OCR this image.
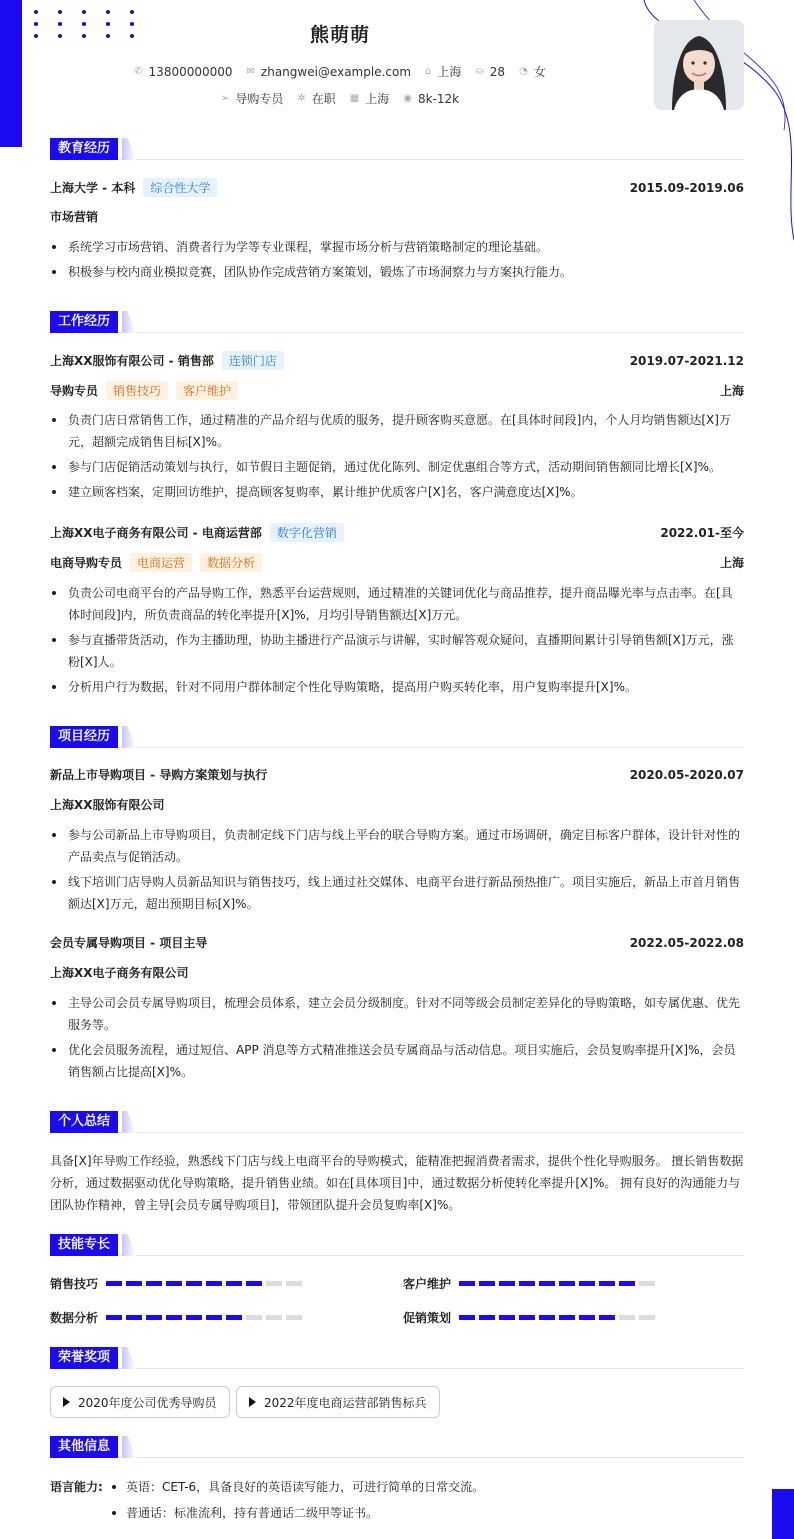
熊萌萌
✆ 13800000000 ✉ zhangwei@example.com ⌂ 上海 ⛀ 28 ◔ 女
➢ 导购专员 ✲ 在职 ▦ 上海 ◉ 8k-12k
教育经历
上海大学 - 本科	综合性大学	2015.09-2019.06
市场营销
系统学习市场营销、消费者行为学等专业课程，掌握市场分析与营销策略制定的理论基础。
积极参与校内商业模拟竞赛，团队协作完成营销方案策划，锻炼了市场洞察力与方案执行能力。
工作经历
上海XX服饰有限公司 - 销售部	连锁门店	2019.07-2021.12
导购专员	销售技巧	客户维护	上海
负责门店日常销售工作，通过精准的产品介绍与优质的服务，提升顾客购买意愿。在[具体时间段]内，个人月均销售额达[X]万元，超额完成销售目标[X]%。
参与门店促销活动策划与执行，如节假日主题促销，通过优化陈列、制定优惠组合等方式，活动期间销售额同比增长[X]%。
建立顾客档案，定期回访维护，提高顾客复购率，累计维护优质客户[X]名，客户满意度达[X]%。
上海XX电子商务有限公司 - 电商运营部	数字化营销	2022.01-至今
电商导购专员	电商运营	数据分析	上海
负责公司电商平台的产品导购工作，熟悉平台运营规则，通过精准的关键词优化与商品推荐，提升商品曝光率与点击率。在[具体时间段]内，所负责商品的转化率提升[X]%，月均引导销售额达[X]万元。
参与直播带货活动，作为主播助理，协助主播进行产品演示与讲解，实时解答观众疑问，直播期间累计引导销售额[X]万元，涨粉[X]人。
分析用户行为数据，针对不同用户群体制定个性化导购策略，提高用户购买转化率，用户复购率提升[X]%。
项目经历
新品上市导购项目 - 导购方案策划与执行	2020.05-2020.07
上海XX服饰有限公司
参与公司新品上市导购项目，负责制定线下门店与线上平台的联合导购方案。通过市场调研，确定目标客户群体，设计针对性的产品卖点与促销活动。
线下培训门店导购人员新品知识与销售技巧，线上通过社交媒体、电商平台进行新品预热推广。项目实施后，新品上市首月销售额达[X]万元，超出预期目标[X]%。
会员专属导购项目 - 项目主导	2022.05-2022.08
上海XX电子商务有限公司
主导公司会员专属导购项目，梳理会员体系，建立会员分级制度。针对不同等级会员制定差异化的导购策略，如专属优惠、优先服务等。
优化会员服务流程，通过短信、APP 消息等方式精准推送会员专属商品与活动信息。项目实施后，会员复购率提升[X]%，会员销售额占比提高[X]%。
个人总结
具备[X]年导购工作经验，熟悉线下门店与线上电商平台的导购模式，能精准把握消费者需求，提供个性化导购服务。 擅长销售数据分析，通过数据驱动优化导购策略，提升销售业绩。如在[具体项目]中，通过数据分析使转化率提升[X]%。 拥有良好的沟通能力与团队协作精神，曾主导[会员专属导购项目]，带领团队提升会员复购率[X]%。
技能专长
销售技巧	客户维护
数据分析	促销策划
荣誉奖项
2020年度公司优秀导购员	2022年度电商运营部销售标兵
其他信息
语言能力:	英语：CET-6，具备良好的英语读写能力，可进行简单的日常交流。
普通话：标准流利，持有普通话二级甲等证书。
